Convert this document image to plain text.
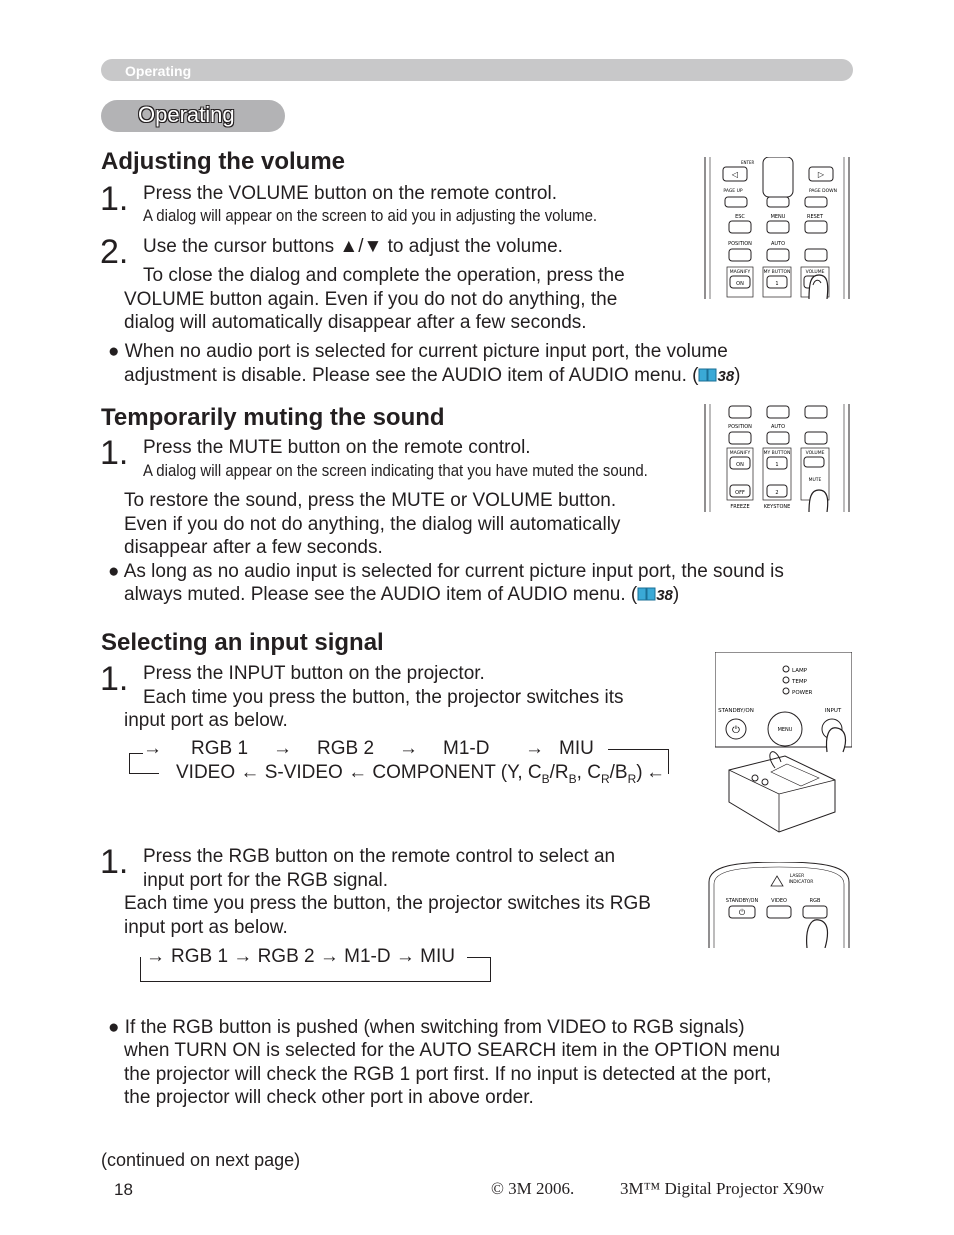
Operating
Operating
Adjusting the volume
1. Press the VOLUME button on the remote control.
A dialog will appear on the screen to aid you in adjusting the volume.
2. Use the cursor buttons ▲/▼ to adjust the volume.
To close the dialog and complete the operation, press the
VOLUME button again. Even if you do not do anything, the
dialog will automatically disappear after a few seconds.
● When no audio port is selected for current picture input port, the volume
adjustment is disable. Please see the AUDIO item of AUDIO menu. ( 38)
◁	▷
ENTER
PAGE UP	PAGE DOWN
ESC	MENU	RESET
POSITION	AUTO
MAGNIFY	MY BUTTON	VOLUME
ON	1
Temporarily muting the sound
1. Press the MUTE button on the remote control.
A dialog will appear on the screen indicating that you have muted the sound.
To restore the sound, press the MUTE or VOLUME button.
Even if you do not do anything, the dialog will automatically
disappear after a few seconds.
● As long as no audio input is selected for current picture input port, the sound is
always muted. Please see the AUDIO item of AUDIO menu. ( 38)
POSITION	AUTO
MAGNIFY	MY BUTTON	VOLUME
ON	1
MUTE
OFF	2
FREEZE	KEYSTONE
Selecting an input signal
1. Press the INPUT button on the projector.
Each time you press the button, the projector switches its
input port as below.
→ RGB 1 → RGB 2 → M1-D → MIU
VIDEO ← S-VIDEO ← COMPONENT (Y, $C_B/R_B$, $C_R/B_R$) ←
LAMP
TEMP
POWER
STANDBY/ON	INPUT
⏻	MENU
1. Press the RGB button on the remote control to select an
input port for the RGB signal.
Each time you press the button, the projector switches its RGB
input port as below.
→ RGB 1 → RGB 2 → M1-D → MIU
LASER
INDICATOR
STANDBY/ON	VIDEO	RGB
⏻
● If the RGB button is pushed (when switching from VIDEO to RGB signals)
when TURN ON is selected for the AUTO SEARCH item in the OPTION menu
the projector will check the RGB 1 port first. If no input is detected at the port,
the projector will check other port in above order.
(continued on next page)
18	© 3M 2006.	3M™ Digital Projector X90w
